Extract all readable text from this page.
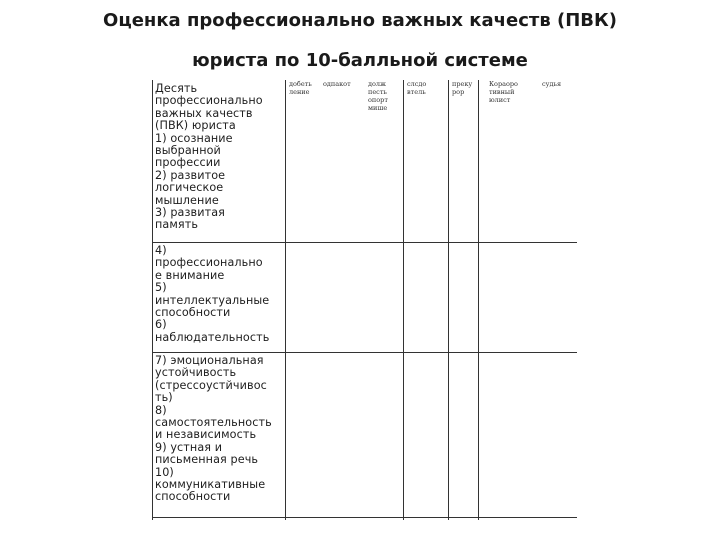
Оценка профессионально важных качеств (ПВК)
юриста по 10-балльной системе
добеть
ление
одпакот	долж
песть
опорт
мише
слсдо
втель
преку
рор
Кораоро
тивный
юлист
судья
Десять
профессионально
важных качеств
(ПВК) юриста
1) осознание
выбранной
профессии
2) развитое
логическое
мышление
3) развитая
память
4)
профессионально
е внимание
5)
интеллектуальные
способности
6)
наблюдательность
7) эмоциональная
устойчивость
(стрессоустйчивос
ть)
8)
самостоятельность
и независимость
9) устная и
письменная речь
10)
коммуникативные
способности
